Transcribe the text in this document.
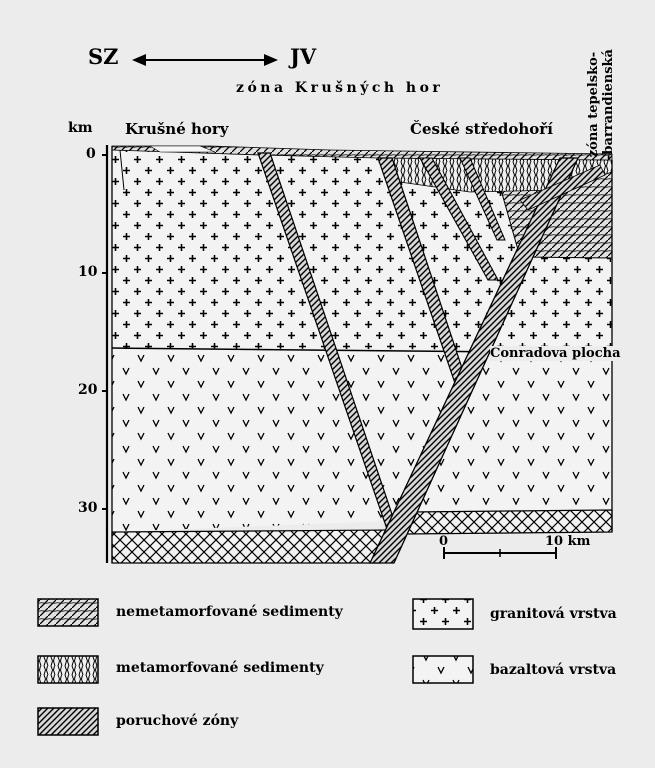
SZ	JV
zóna Krušných hor
km Krušné hory	České středohoří	zóna tepelsko- -barrandienská
0
10
20
30
Conradova plocha
0	10 km
nemetamorfované sedimenty
metamorfované sedimenty
poruchové zóny
granitová vrstva
bazaltová vrstva
